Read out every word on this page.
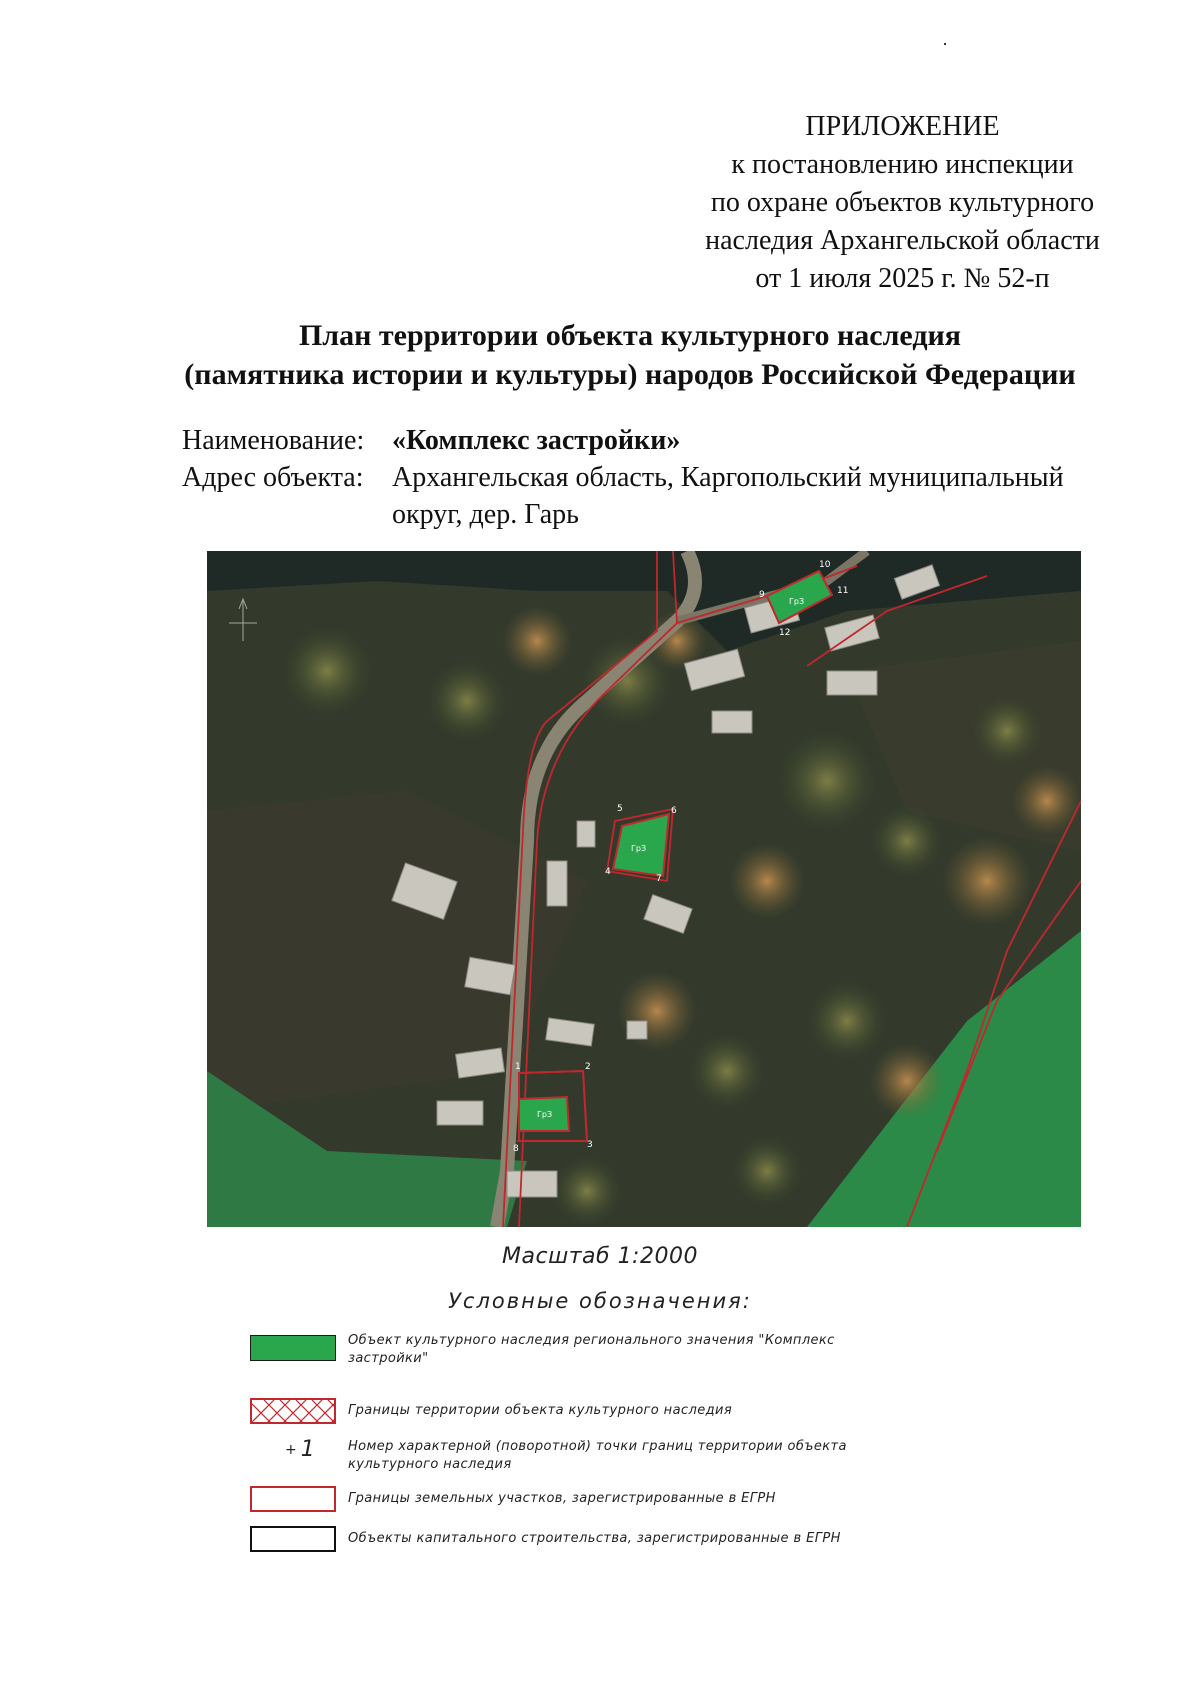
ПРИЛОЖЕНИЕ
к постановлению инспекции
по охране объектов культурного
наследия Архангельской области
от 1 июля 2025 г. № 52-п
План территории объекта культурного наследия
(памятника истории и культуры) народов Российской Федерации
Наименование: «Комплекс застройки»
Адрес объекта: Архангельская область, Каргопольский муниципальный округ, дер. Гарь
ГрЗ
ГрЗ
ГрЗ
1	2
3
4
5	6
7
8
9
10
11
12
Масштаб 1:2000
Условные обозначения:
Объект культурного наследия регионального значения "Комплекс застройки"
Границы территории объекта культурного наследия
+ 1	Номер характерной (поворотной) точки границ территории объекта культурного наследия
Границы земельных участков, зарегистрированные в ЕГРН
Объекты капитального строительства, зарегистрированные в ЕГРН
